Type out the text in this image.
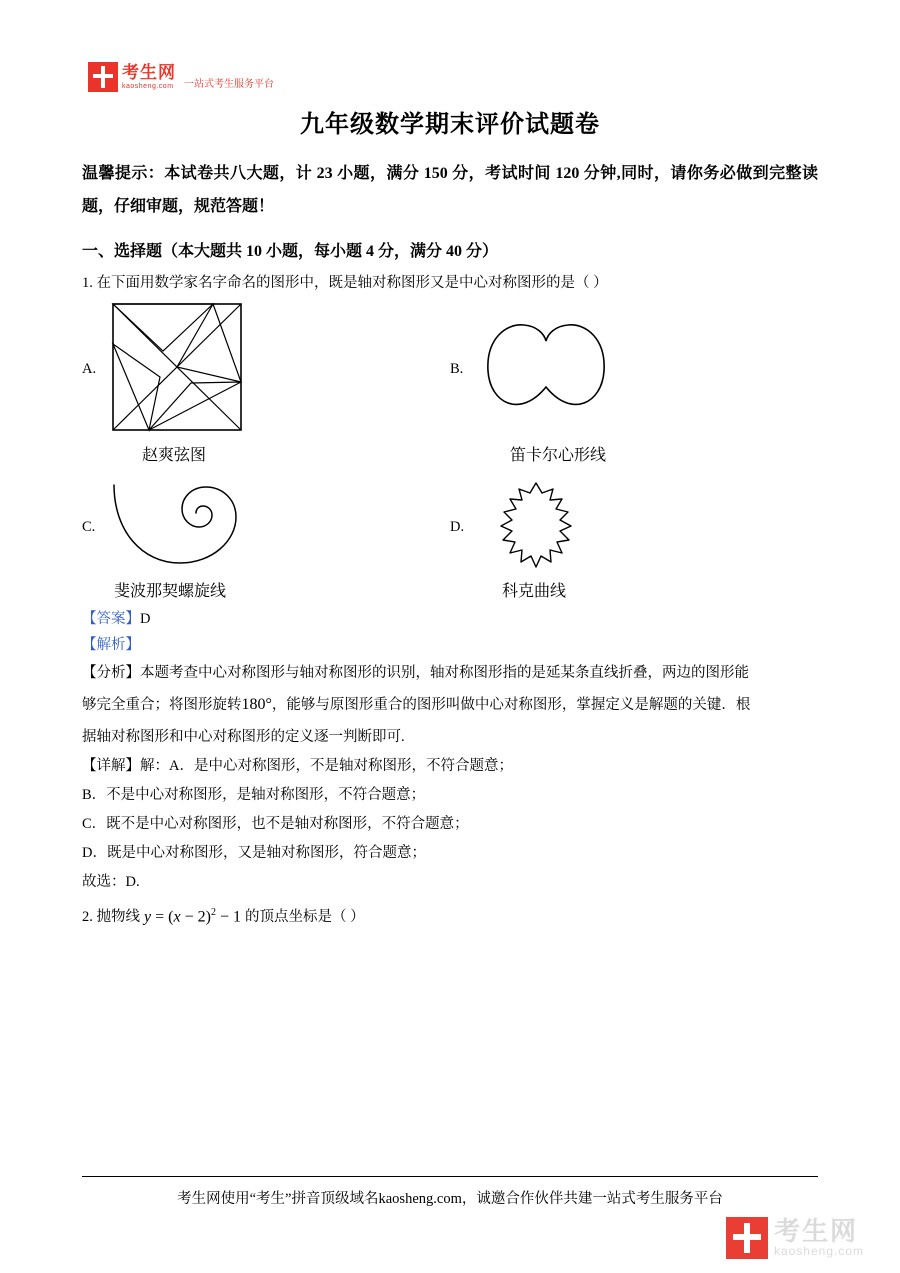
考生网
kaosheng.com 一站式考生服务平台
九年级数学期末评价试题卷

温馨提示：本试卷共八大题，计 23 小题，满分 150 分，考试时间 120 分钟,同时，请你务必做到完整读题，仔细审题，规范答题！

一、选择题（本大题共 10 小题，每小题 4 分，满分 40 分）

1. 在下面用数学家名字命名的图形中，既是轴对称图形又是中心对称图形的是（ ）

A.
赵爽弦图
B.
笛卡尔心形线
C.
斐波那契螺旋线
D.
科克曲线

【答案】D

【解析】

【分析】本题考查中心对称图形与轴对称图形的识别，轴对称图形指的是延某条直线折叠，两边的图形能

够完全重合；将图形旋转180°，能够与原图形重合的图形叫做中心对称图形，掌握定义是解题的关键．根

据轴对称图形和中心对称图形的定义逐一判断即可.

【详解】解：A．是中心对称图形，不是轴对称图形，不符合题意；

B．不是中心对称图形，是轴对称图形，不符合题意；

C．既不是中心对称图形，也不是轴对称图形，不符合题意；

D．既是中心对称图形，又是轴对称图形，符合题意；

故选：D.

2. 抛物线 $y = (x - 2)^2 - 1$ 的顶点坐标是（ ）
考生网使用“考生”拼音顶级域名kaosheng.com，诚邀合作伙伴共建一站式考生服务平台
考生网
kaosheng.com
